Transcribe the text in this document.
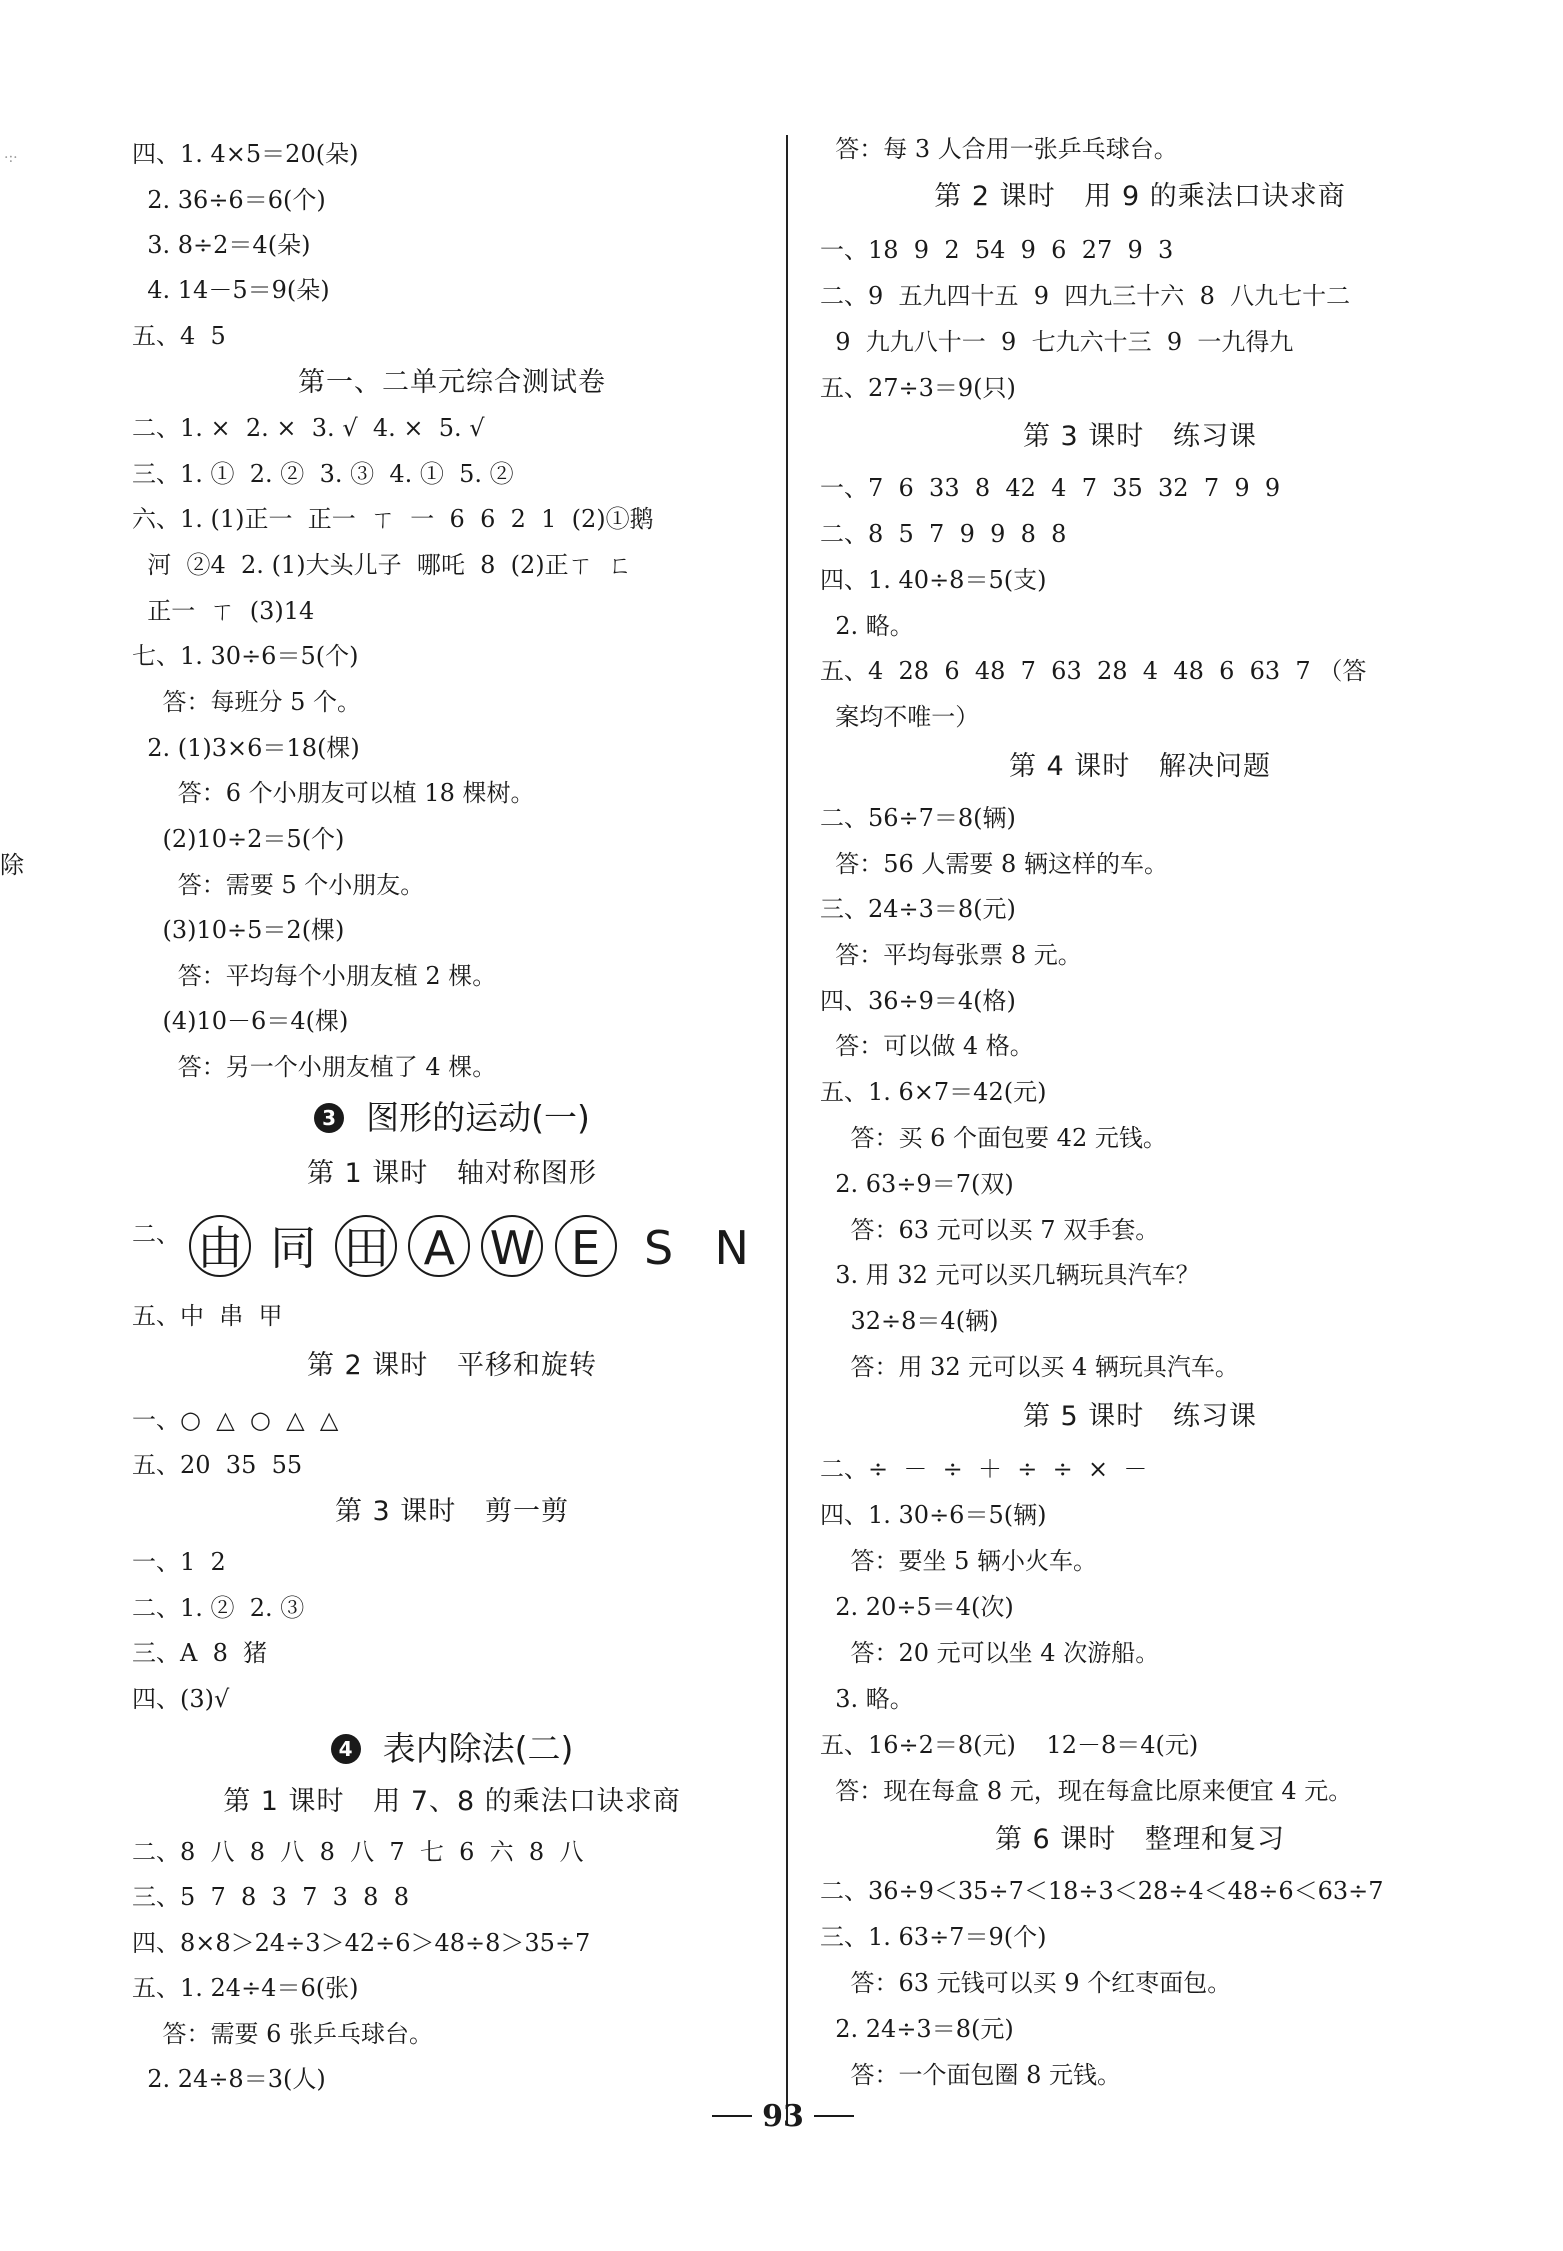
·:·
除
四、1. 4×5＝20(朵)
2. 36÷6＝6(个)
3. 8÷2＝4(朵)
4. 14－5＝9(朵)
五、4  5
第一、二单元综合测试卷
二、1. ×  2. ×  3. √  4. ×  5. √
三、1. ①  2. ②  3. ③  4. ①  5. ②
六、1. (1)正一  正一  ㄒ  一  6  6  2  1  (2)①鹅
河  ②4  2. (1)大头儿子  哪吒  8  (2)正ㄒ  ㄈ
正一  ㄒ  (3)14
七、1. 30÷6＝5(个)
答：每班分 5 个。
2. (1)3×6＝18(棵)
答：6 个小朋友可以植 18 棵树。
(2)10÷2＝5(个)
答：需要 5 个小朋友。
(3)10÷5＝2(棵)
答：平均每个小朋友植 2 棵。
(4)10－6＝4(棵)
答：另一个小朋友植了 4 棵。
3 图形的运动(一)
第 1 课时   轴对称图形
二、 由 同 田 A W E S N
五、中  串  甲
第 2 课时   平移和旋转
一、○  △  ○  △  △
五、20  35  55
第 3 课时   剪一剪
一、1  2
二、1. ②  2. ③
三、A  8  猪
四、(3)√
4 表内除法(二)
第 1 课时   用 7、8 的乘法口诀求商
二、8  八  8  八  8  八  7  七  6  六  8  八
三、5  7  8  3  7  3  8  8
四、8×8＞24÷3＞42÷6＞48÷8＞35÷7
五、1. 24÷4＝6(张)
答：需要 6 张乒乓球台。
2. 24÷8＝3(人)
答：每 3 人合用一张乒乓球台。
第 2 课时   用 9 的乘法口诀求商
一、18  9  2  54  9  6  27  9  3
二、9  五九四十五  9  四九三十六  8  八九七十二
9  九九八十一  9  七九六十三  9  一九得九
五、27÷3＝9(只)
第 3 课时   练习课
一、7  6  33  8  42  4  7  35  32  7  9  9
二、8  5  7  9  9  8  8
四、1. 40÷8＝5(支)
2. 略。
五、4  28  6  48  7  63  28  4  48  6  63  7 （答
案均不唯一）
第 4 课时   解决问题
二、56÷7＝8(辆)
答：56 人需要 8 辆这样的车。
三、24÷3＝8(元)
答：平均每张票 8 元。
四、36÷9＝4(格)
答：可以做 4 格。
五、1. 6×7＝42(元)
答：买 6 个面包要 42 元钱。
2. 63÷9＝7(双)
答：63 元可以买 7 双手套。
3. 用 32 元可以买几辆玩具汽车？
32÷8＝4(辆)
答：用 32 元可以买 4 辆玩具汽车。
第 5 课时   练习课
二、÷  －  ÷  ＋  ÷  ÷  ×  －
四、1. 30÷6＝5(辆)
答：要坐 5 辆小火车。
2. 20÷5＝4(次)
答：20 元可以坐 4 次游船。
3. 略。
五、16÷2＝8(元)    12－8＝4(元)
答：现在每盒 8 元，现在每盒比原来便宜 4 元。
第 6 课时   整理和复习
二、36÷9＜35÷7＜18÷3＜28÷4＜48÷6＜63÷7
三、1. 63÷7＝9(个)
答：63 元钱可以买 9 个红枣面包。
2. 24÷3＝8(元)
答：一个面包圈 8 元钱。
93
